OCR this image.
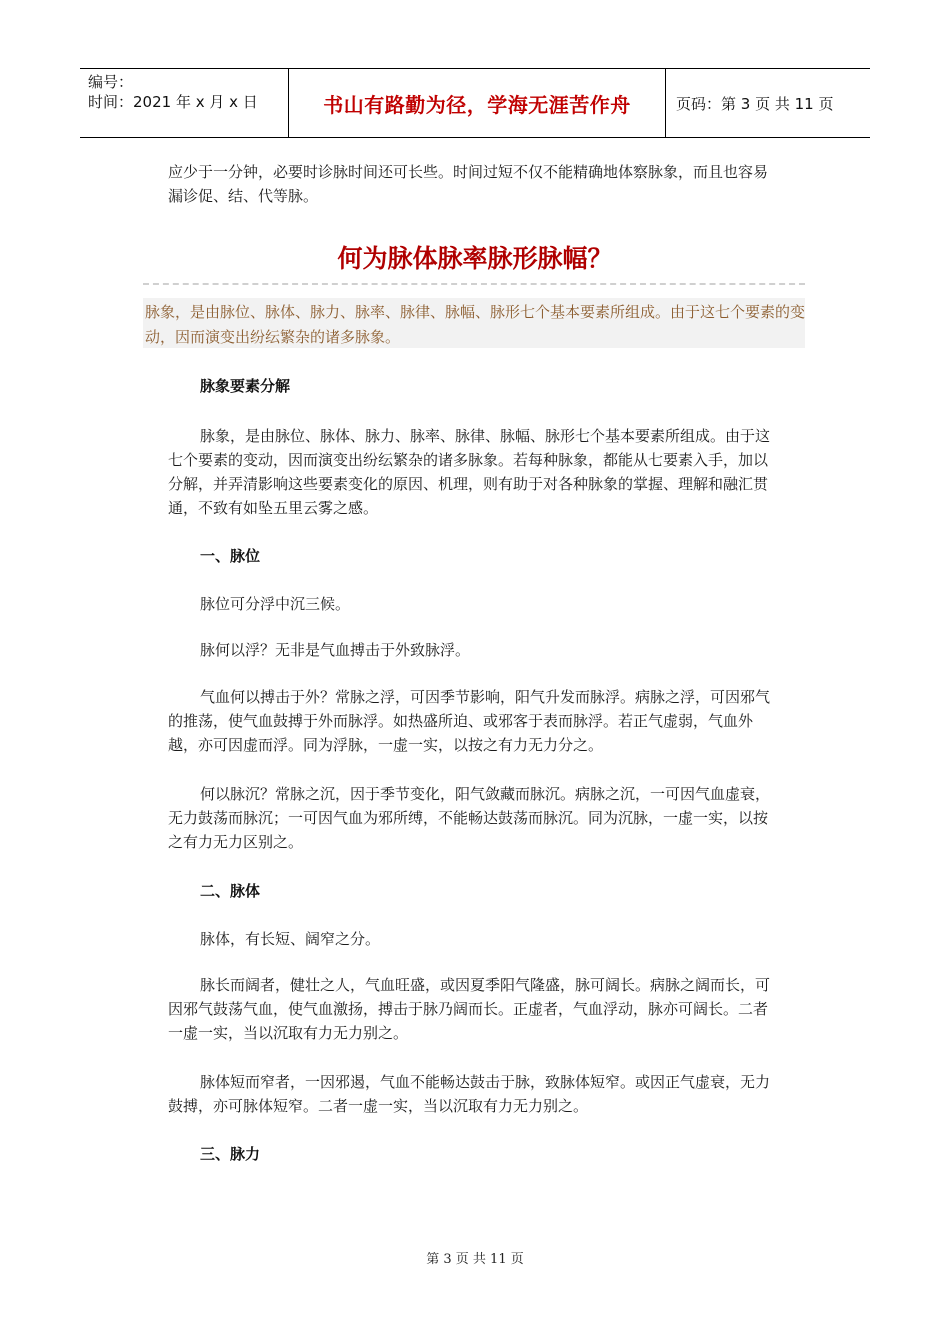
编号：
时间：2021 年 x 月 x 日	书山有路勤为径，学海无涯苦作舟	页码：第 3 页 共 11 页

应少于一分钟，必要时诊脉时间还可长些。时间过短不仅不能精确地体察脉象，而且也容易漏诊促、结、代等脉。

何为脉体脉率脉形脉幅？
脉象，是由脉位、脉体、脉力、脉率、脉律、脉幅、脉形七个基本要素所组成。由于这七个要素的变动，因而演变出纷纭繁杂的诸多脉象。
脉象要素分解

脉象，是由脉位、脉体、脉力、脉率、脉律、脉幅、脉形七个基本要素所组成。由于这七个要素的变动，因而演变出纷纭繁杂的诸多脉象。若每种脉象，都能从七要素入手，加以分解，并弄清影响这些要素变化的原因、机理，则有助于对各种脉象的掌握、理解和融汇贯通，不致有如坠五里云雾之感。

一、脉位

脉位可分浮中沉三候。

脉何以浮？无非是气血搏击于外致脉浮。

气血何以搏击于外？常脉之浮，可因季节影响，阳气升发而脉浮。病脉之浮，可因邪气的推荡，使气血鼓搏于外而脉浮。如热盛所迫、或邪客于表而脉浮。若正气虚弱，气血外越，亦可因虚而浮。同为浮脉，一虚一实，以按之有力无力分之。

何以脉沉？常脉之沉，因于季节变化，阳气敛藏而脉沉。病脉之沉，一可因气血虚衰，无力鼓荡而脉沉；一可因气血为邪所缚，不能畅达鼓荡而脉沉。同为沉脉，一虚一实，以按之有力无力区别之。

二、脉体

脉体，有长短、阔窄之分。

脉长而阔者，健壮之人，气血旺盛，或因夏季阳气隆盛，脉可阔长。病脉之阔而长，可因邪气鼓荡气血，使气血激扬，搏击于脉乃阔而长。正虚者，气血浮动，脉亦可阔长。二者一虚一实，当以沉取有力无力别之。

脉体短而窄者，一因邪遏，气血不能畅达鼓击于脉，致脉体短窄。或因正气虚衰，无力鼓搏，亦可脉体短窄。二者一虚一实，当以沉取有力无力别之。

三、脉力
第 3 页 共 11 页
